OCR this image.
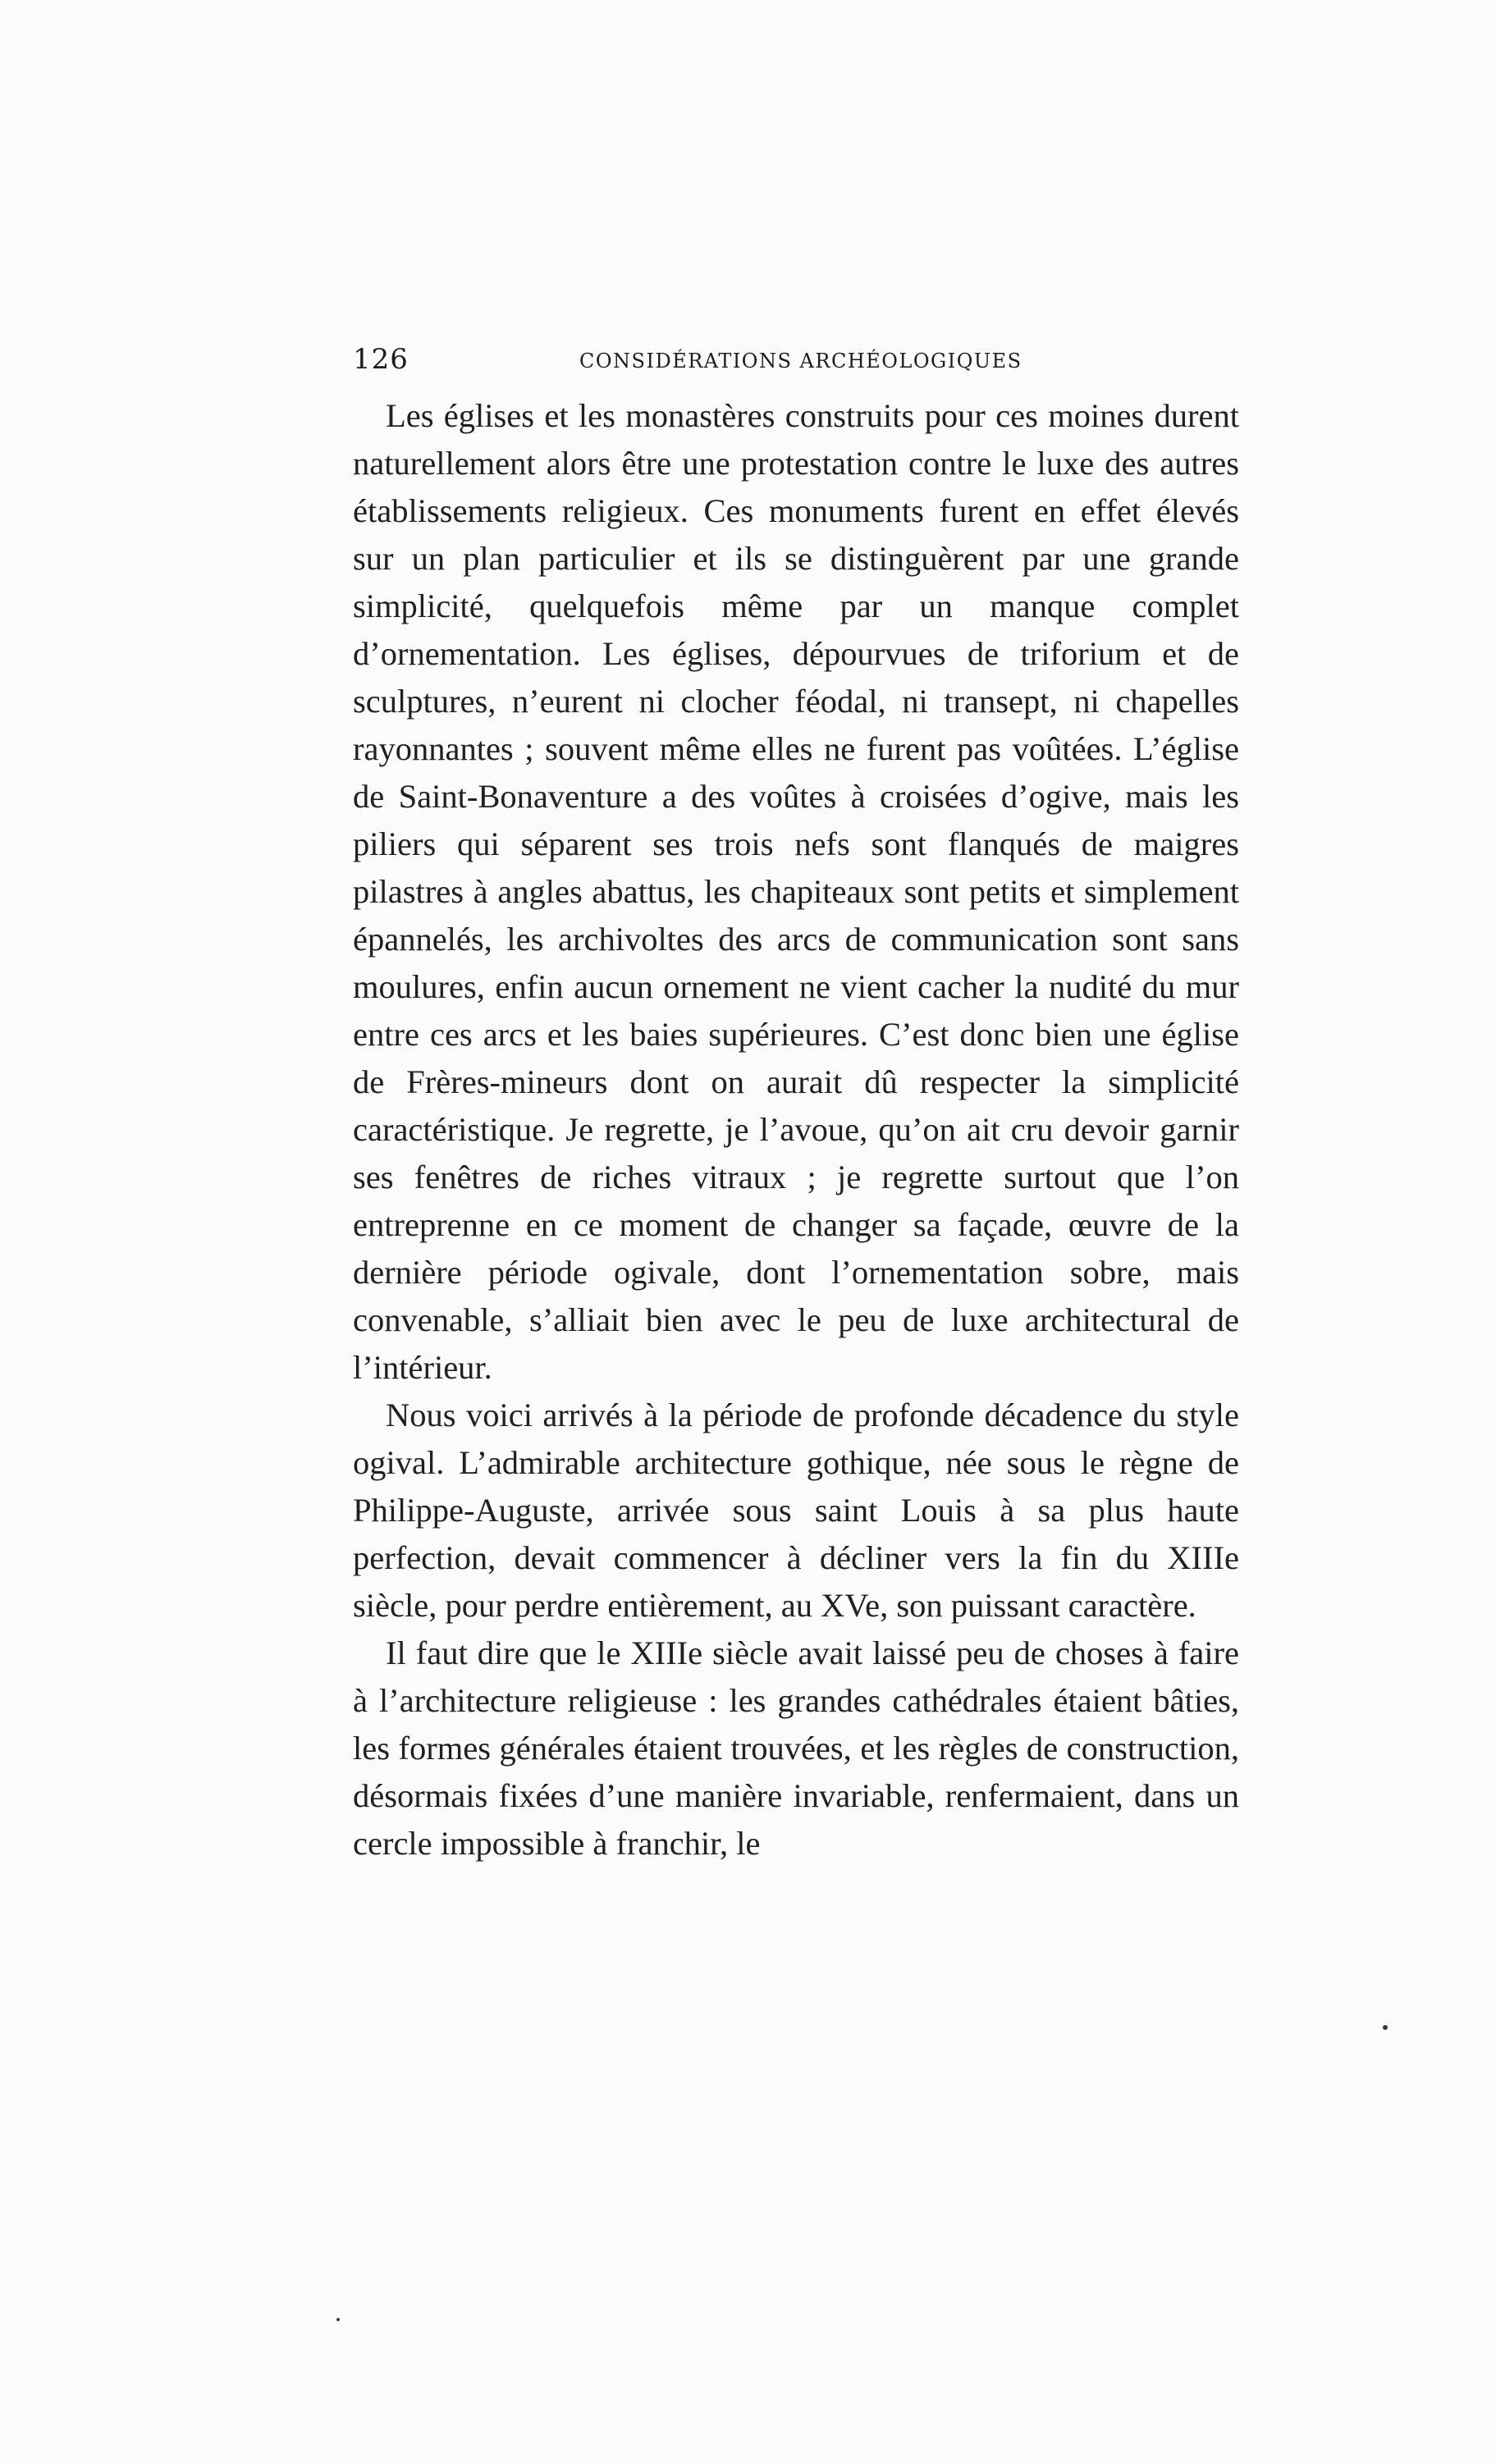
126	CONSIDÉRATIONS ARCHÉOLOGIQUES

Les églises et les monastères construits pour ces moines durent naturellement alors être une protestation contre le luxe des autres établissements religieux. Ces monuments furent en effet élevés sur un plan particulier et ils se distinguèrent par une grande simplicité, quelquefois même par un manque complet d’ornementation. Les églises, dépourvues de triforium et de sculptures, n’eurent ni clocher féodal, ni transept, ni chapelles rayonnantes ; souvent même elles ne furent pas voûtées. L’église de Saint-Bonaventure a des voûtes à croisées d’ogive, mais les piliers qui séparent ses trois nefs sont flanqués de maigres pilastres à angles abattus, les chapiteaux sont petits et simplement épannelés, les archivoltes des arcs de communication sont sans moulures, enfin aucun ornement ne vient cacher la nudité du mur entre ces arcs et les baies supérieures. C’est donc bien une église de Frères-mineurs dont on aurait dû respecter la simplicité caractéristique. Je regrette, je l’avoue, qu’on ait cru devoir garnir ses fenêtres de riches vitraux ; je regrette surtout que l’on entreprenne en ce moment de changer sa façade, œuvre de la dernière période ogivale, dont l’ornementation sobre, mais convenable, s’alliait bien avec le peu de luxe architectural de l’intérieur.

Nous voici arrivés à la période de profonde décadence du style ogival. L’admirable architecture gothique, née sous le règne de Philippe-Auguste, arrivée sous saint Louis à sa plus haute perfection, devait commencer à décliner vers la fin du XIIIe siècle, pour perdre entièrement, au XVe, son puissant caractère.

Il faut dire que le XIIIe siècle avait laissé peu de choses à faire à l’architecture religieuse : les grandes cathédrales étaient bâties, les formes générales étaient trouvées, et les règles de construction, désormais fixées d’une manière invariable, renfermaient, dans un cercle impossible à franchir, le
